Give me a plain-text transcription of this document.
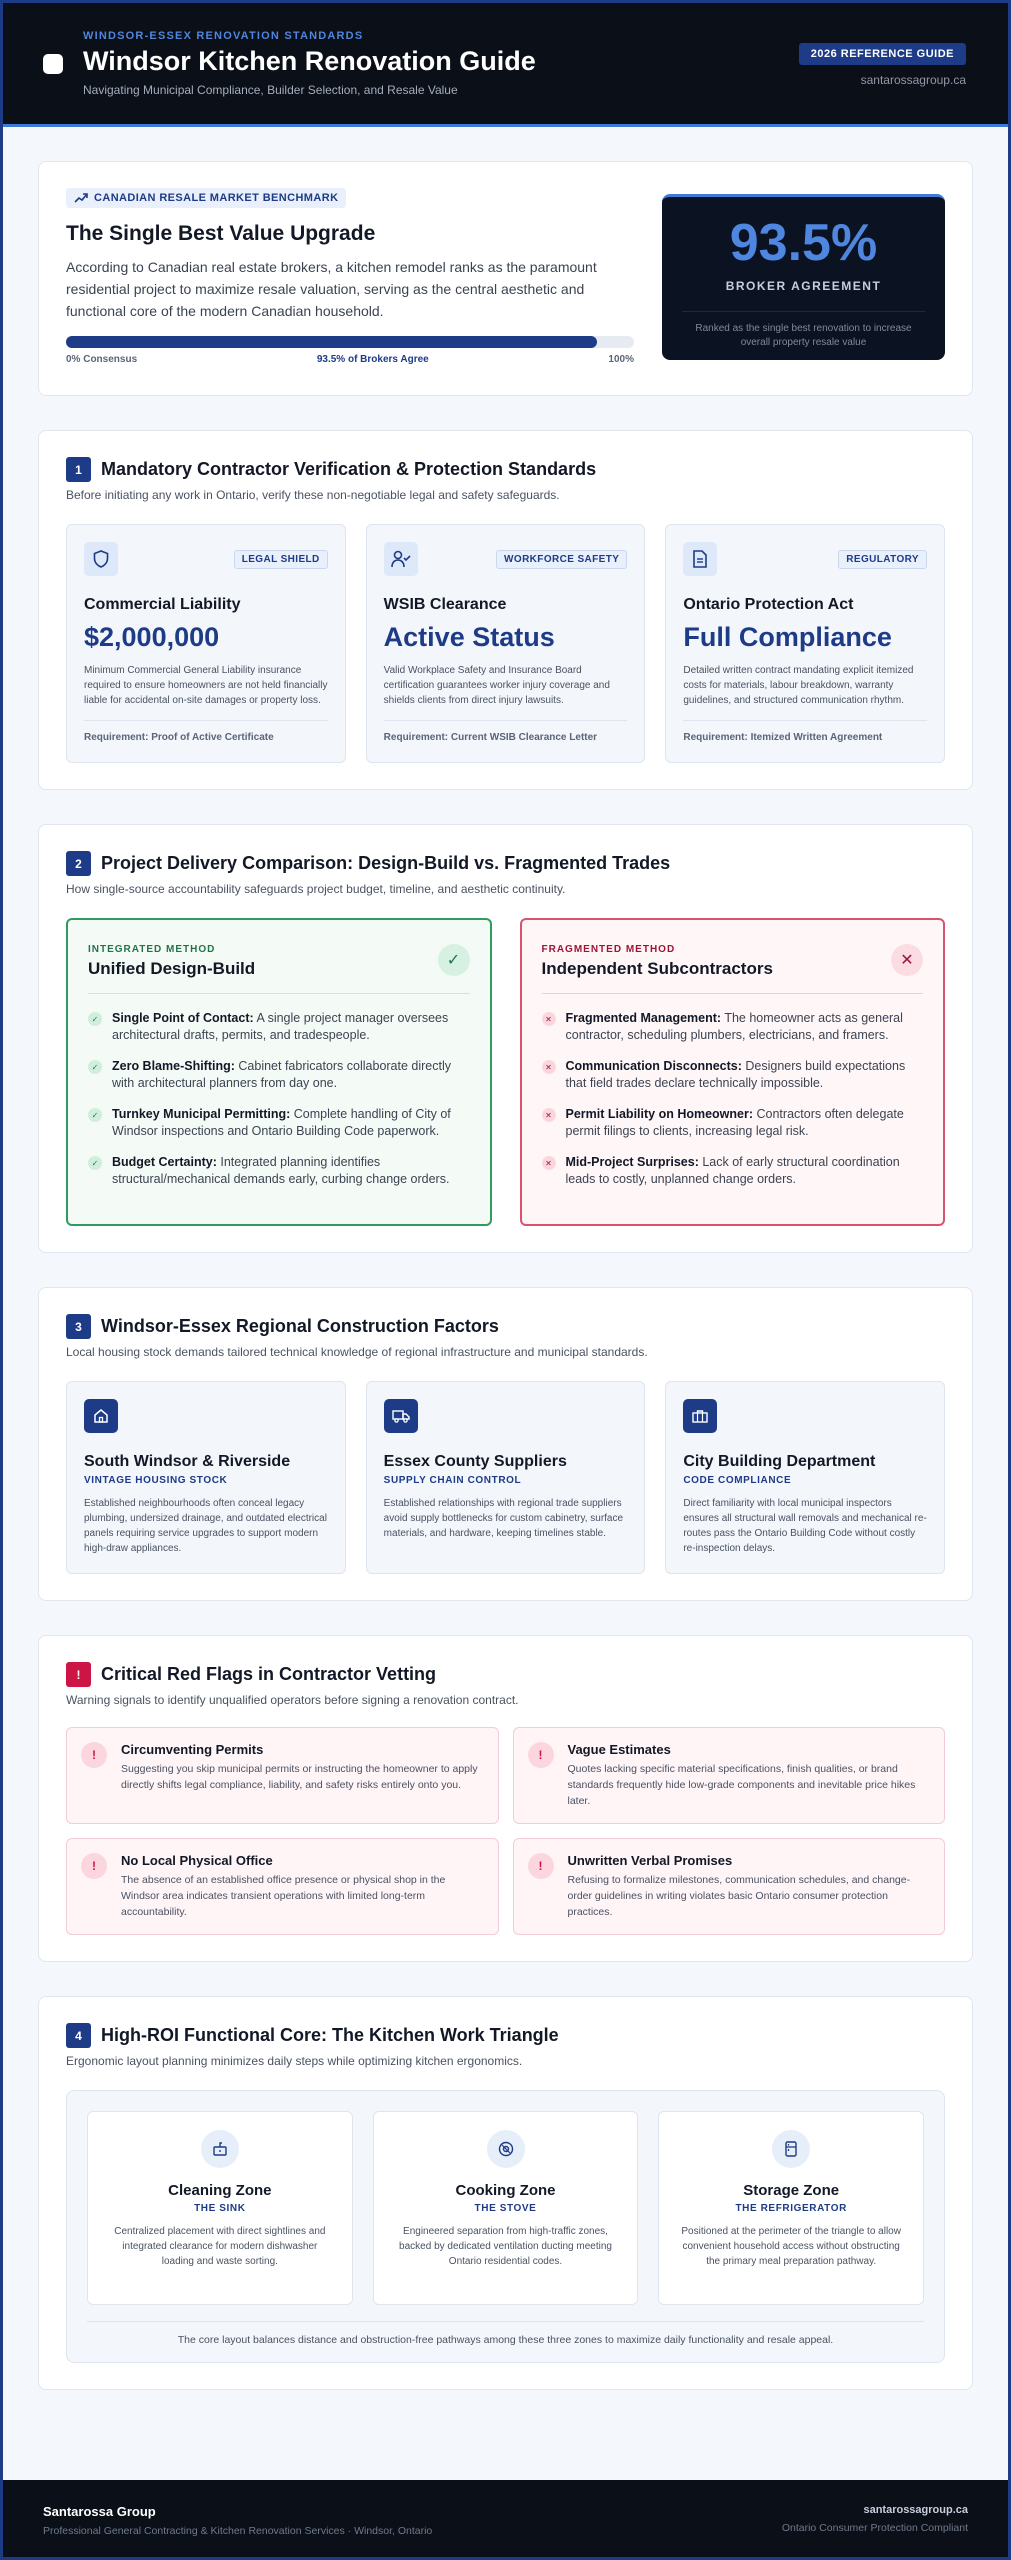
WINDSOR-ESSEX RENOVATION STANDARDS
Windsor Kitchen Renovation Guide
Navigating Municipal Compliance, Builder Selection, and Resale Value
2026 REFERENCE GUIDE
santarossagroup.ca
CANADIAN RESALE MARKET BENCHMARK
The Single Best Value Upgrade
According to Canadian real estate brokers, a kitchen remodel ranks as the paramount residential project to maximize resale valuation, serving as the central aesthetic and functional core of the modern Canadian household.
0% Consensus	93.5% of Brokers Agree	100%
93.5%
BROKER AGREEMENT
Ranked as the single best renovation to increase overall property resale value
1	Mandatory Contractor Verification & Protection Standards
Before initiating any work in Ontario, verify these non-negotiable legal and safety safeguards.
LEGAL SHIELD
Commercial Liability
$2,000,000
Minimum Commercial General Liability insurance required to ensure homeowners are not held financially liable for accidental on-site damages or property loss.
Requirement: Proof of Active Certificate
WORKFORCE SAFETY
WSIB Clearance
Active Status
Valid Workplace Safety and Insurance Board certification guarantees worker injury coverage and shields clients from direct injury lawsuits.
Requirement: Current WSIB Clearance Letter
REGULATORY
Ontario Protection Act
Full Compliance
Detailed written contract mandating explicit itemized costs for materials, labour breakdown, warranty guidelines, and structured communication rhythm.
Requirement: Itemized Written Agreement
2	Project Delivery Comparison: Design-Build vs. Fragmented Trades
How single-source accountability safeguards project budget, timeline, and aesthetic continuity.
INTEGRATED METHOD
Unified Design-Build	✓
✓ Single Point of Contact: A single project manager oversees architectural drafts, permits, and tradespeople.
✓ Zero Blame-Shifting: Cabinet fabricators collaborate directly with architectural planners from day one.
✓ Turnkey Municipal Permitting: Complete handling of City of Windsor inspections and Ontario Building Code paperwork.
✓ Budget Certainty: Integrated planning identifies structural/mechanical demands early, curbing change orders.
FRAGMENTED METHOD
Independent Subcontractors	✕
✕ Fragmented Management: The homeowner acts as general contractor, scheduling plumbers, electricians, and framers.
✕ Communication Disconnects: Designers build expectations that field trades declare technically impossible.
✕ Permit Liability on Homeowner: Contractors often delegate permit filings to clients, increasing legal risk.
✕ Mid-Project Surprises: Lack of early structural coordination leads to costly, unplanned change orders.
3	Windsor-Essex Regional Construction Factors
Local housing stock demands tailored technical knowledge of regional infrastructure and municipal standards.
South Windsor & Riverside
VINTAGE HOUSING STOCK
Established neighbourhoods often conceal legacy plumbing, undersized drainage, and outdated electrical panels requiring service upgrades to support modern high-draw appliances.
Essex County Suppliers
SUPPLY CHAIN CONTROL
Established relationships with regional trade suppliers avoid supply bottlenecks for custom cabinetry, surface materials, and hardware, keeping timelines stable.
City Building Department
CODE COMPLIANCE
Direct familiarity with local municipal inspectors ensures all structural wall removals and mechanical re-routes pass the Ontario Building Code without costly re-inspection delays.
!	Critical Red Flags in Contractor Vetting
Warning signals to identify unqualified operators before signing a renovation contract.
!	Circumventing Permits
Suggesting you skip municipal permits or instructing the homeowner to apply directly shifts legal compliance, liability, and safety risks entirely onto you.
!	Vague Estimates
Quotes lacking specific material specifications, finish qualities, or brand standards frequently hide low-grade components and inevitable price hikes later.
!	No Local Physical Office
The absence of an established office presence or physical shop in the Windsor area indicates transient operations with limited long-term accountability.
!	Unwritten Verbal Promises
Refusing to formalize milestones, communication schedules, and change-order guidelines in writing violates basic Ontario consumer protection practices.
4	High-ROI Functional Core: The Kitchen Work Triangle
Ergonomic layout planning minimizes daily steps while optimizing kitchen ergonomics.
Cleaning Zone
THE SINK
Centralized placement with direct sightlines and integrated clearance for modern dishwasher loading and waste sorting.
Cooking Zone
THE STOVE
Engineered separation from high-traffic zones, backed by dedicated ventilation ducting meeting Ontario residential codes.
Storage Zone
THE REFRIGERATOR
Positioned at the perimeter of the triangle to allow convenient household access without obstructing the primary meal preparation pathway.
The core layout balances distance and obstruction-free pathways among these three zones to maximize daily functionality and resale appeal.
Santarossa Group
Professional General Contracting & Kitchen Renovation Services · Windsor, Ontario
santarossagroup.ca
Ontario Consumer Protection Compliant
